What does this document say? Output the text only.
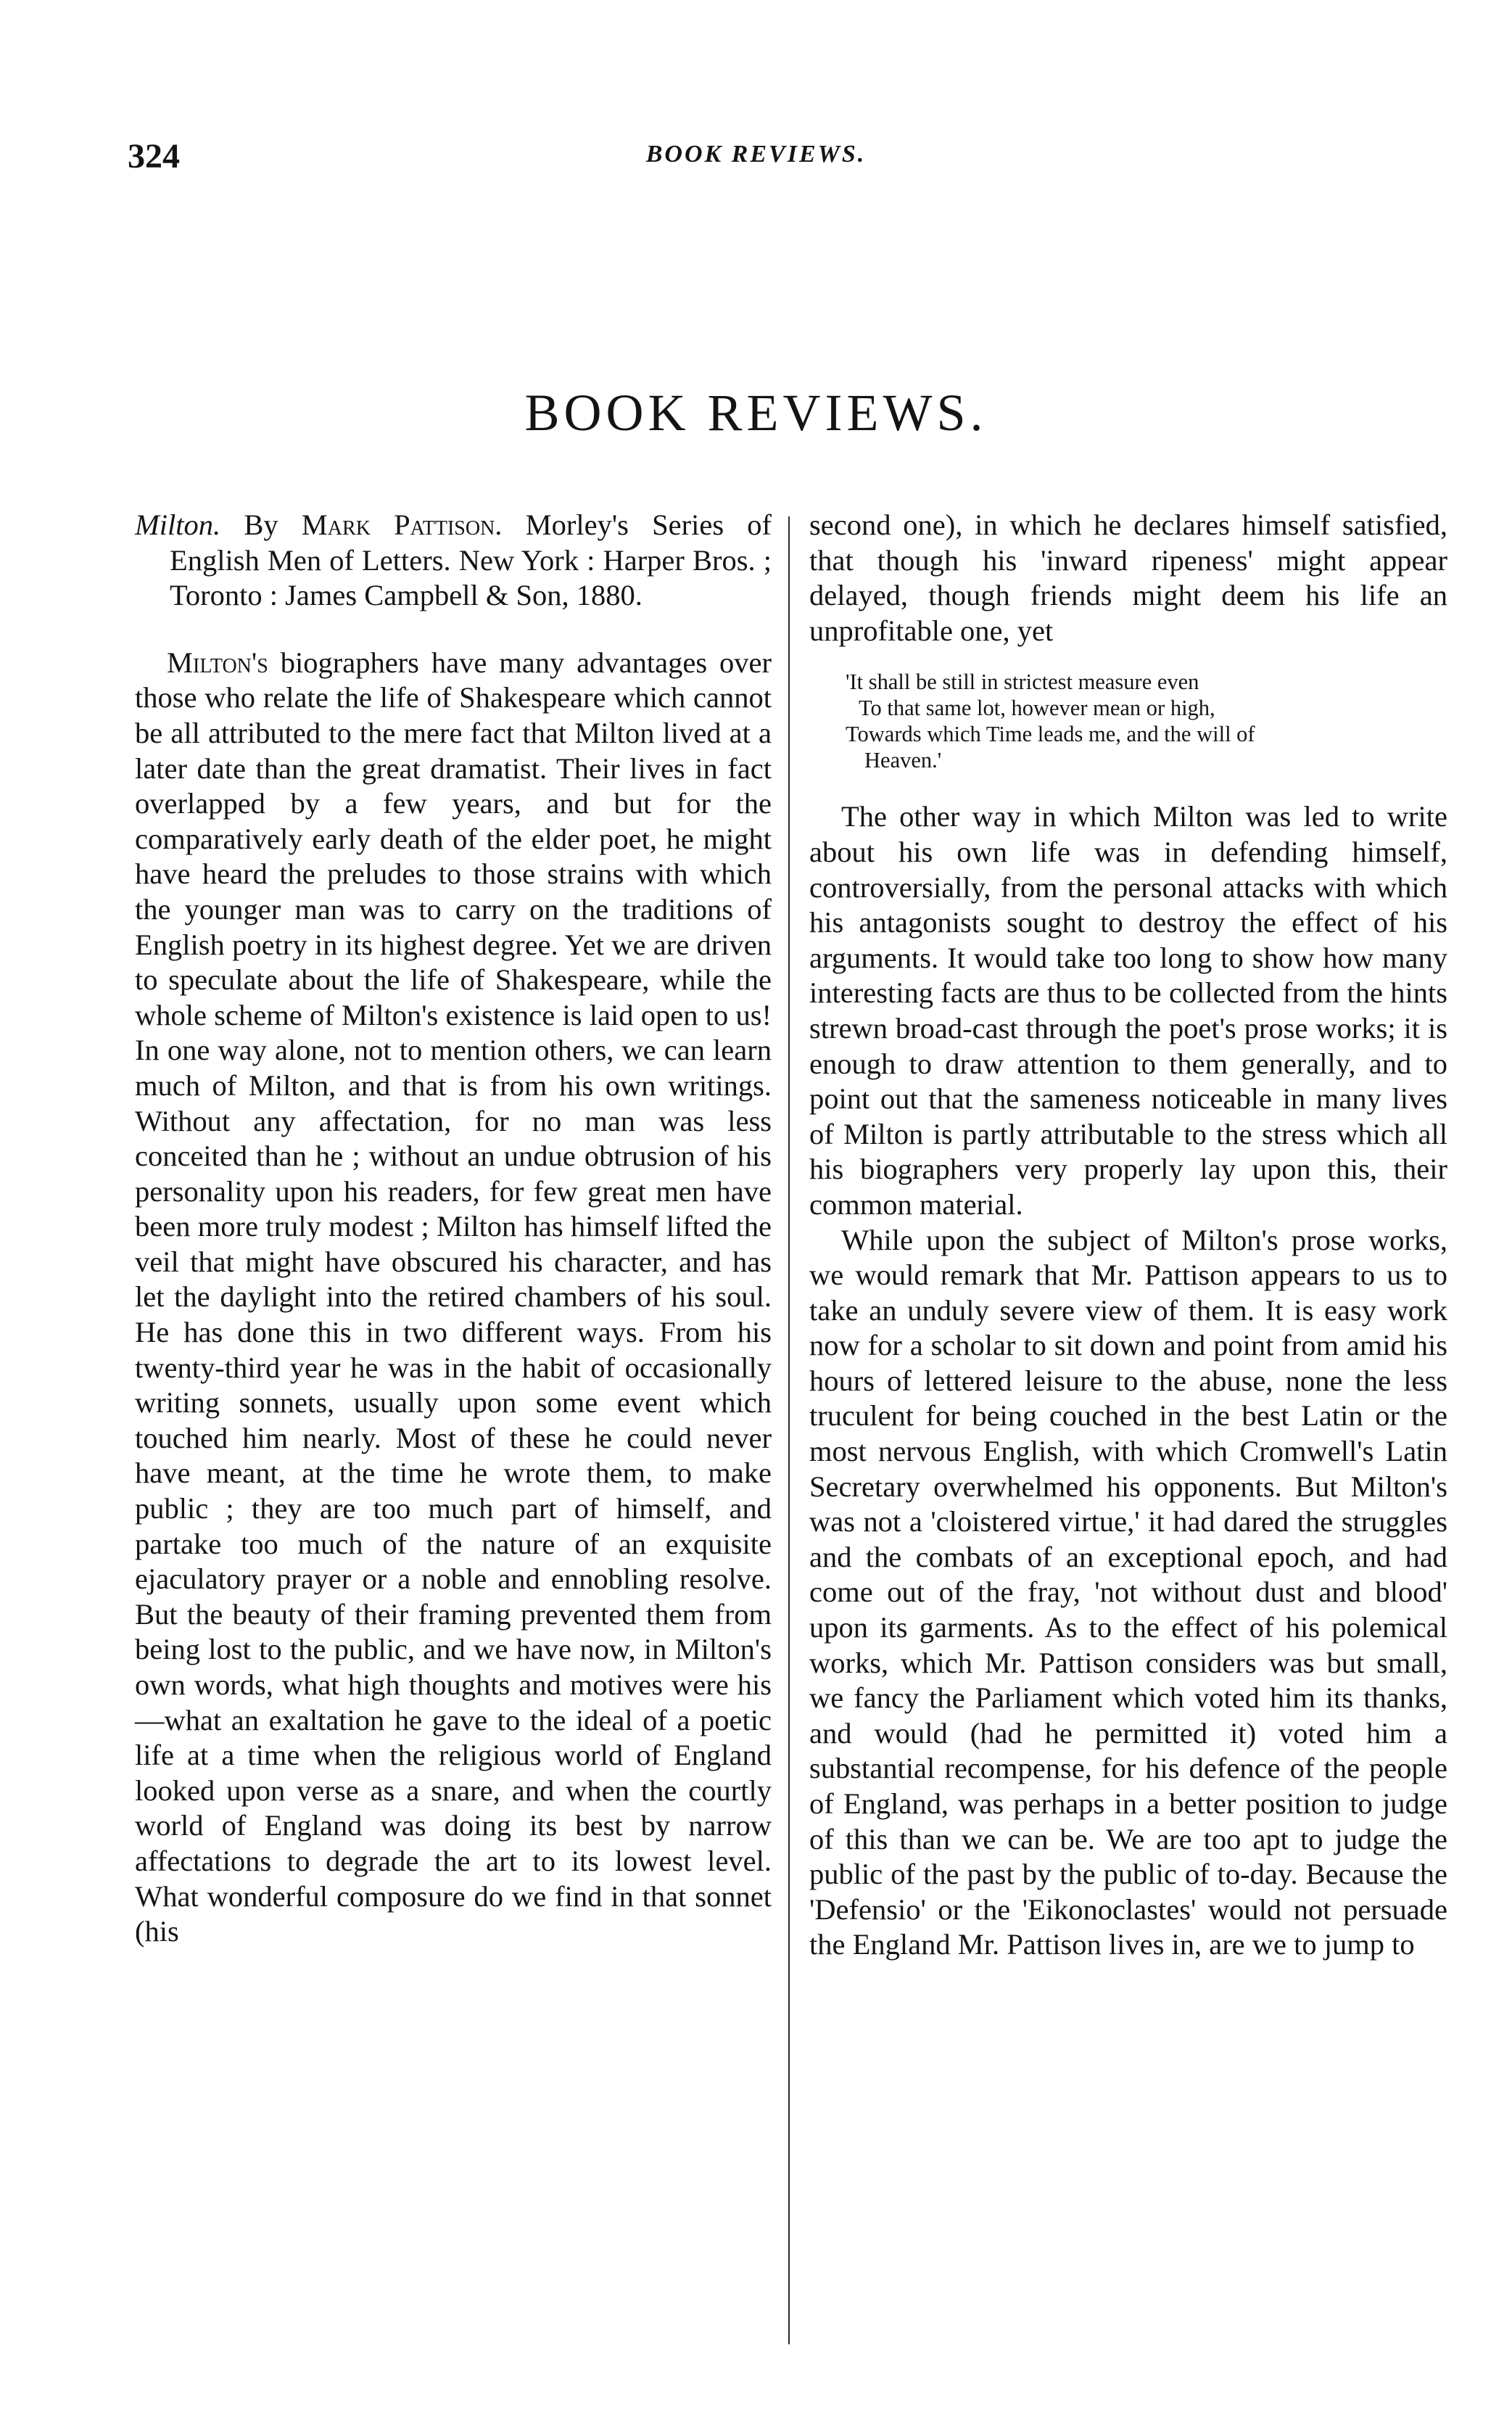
324	BOOK REVIEWS.
BOOK REVIEWS.

Milton. By Mark Pattison. Morley's Series of English Men of Letters. New York : Harper Bros. ; Toronto : James Campbell & Son, 1880.

Milton's biographers have many advantages over those who relate the life of Shakespeare which cannot be all attributed to the mere fact that Milton lived at a later date than the great dramatist. Their lives in fact overlapped by a few years, and but for the comparatively early death of the elder poet, he might have heard the preludes to those strains with which the younger man was to carry on the traditions of English poetry in its highest degree. Yet we are driven to speculate about the life of Shakespeare, while the whole scheme of Milton's existence is laid open to us! In one way alone, not to mention others, we can learn much of Milton, and that is from his own writings. Without any affectation, for no man was less conceited than he ; without an undue obtrusion of his personality upon his readers, for few great men have been more truly modest ; Milton has himself lifted the veil that might have obscured his character, and has let the daylight into the retired chambers of his soul. He has done this in two different ways. From his twenty-third year he was in the habit of occasionally writing sonnets, usually upon some event which touched him nearly. Most of these he could never have meant, at the time he wrote them, to make public ; they are too much part of himself, and partake too much of the nature of an exquisite ejaculatory prayer or a noble and ennobling resolve. But the beauty of their framing prevented them from being lost to the public, and we have now, in Milton's own words, what high thoughts and motives were his—what an exaltation he gave to the ideal of a poetic life at a time when the religious world of England looked upon verse as a snare, and when the courtly world of England was doing its best by narrow affectations to degrade the art to its lowest level. What wonderful composure do we find in that sonnet (his

second one), in which he declares himself satisfied, that though his 'inward ripeness' might appear delayed, though friends might deem his life an unprofitable one, yet

'It shall be still in strictest measure even
To that same lot, however mean or high,
Towards which Time leads me, and the will of
Heaven.'

The other way in which Milton was led to write about his own life was in defending himself, controversially, from the personal attacks with which his antagonists sought to destroy the effect of his arguments. It would take too long to show how many interesting facts are thus to be collected from the hints strewn broad-cast through the poet's prose works; it is enough to draw attention to them generally, and to point out that the sameness noticeable in many lives of Milton is partly attributable to the stress which all his biographers very properly lay upon this, their common material.

While upon the subject of Milton's prose works, we would remark that Mr. Pattison appears to us to take an unduly severe view of them. It is easy work now for a scholar to sit down and point from amid his hours of lettered leisure to the abuse, none the less truculent for being couched in the best Latin or the most nervous English, with which Cromwell's Latin Secretary overwhelmed his opponents. But Milton's was not a 'cloistered virtue,' it had dared the struggles and the combats of an exceptional epoch, and had come out of the fray, 'not without dust and blood' upon its garments. As to the effect of his polemical works, which Mr. Pattison considers was but small, we fancy the Parliament which voted him its thanks, and would (had he permitted it) voted him a substantial recompense, for his defence of the people of England, was perhaps in a better position to judge of this than we can be. We are too apt to judge the public of the past by the public of to-day. Because the 'Defensio' or the 'Eikonoclastes' would not persuade the England Mr. Pattison lives in, are we to jump to
